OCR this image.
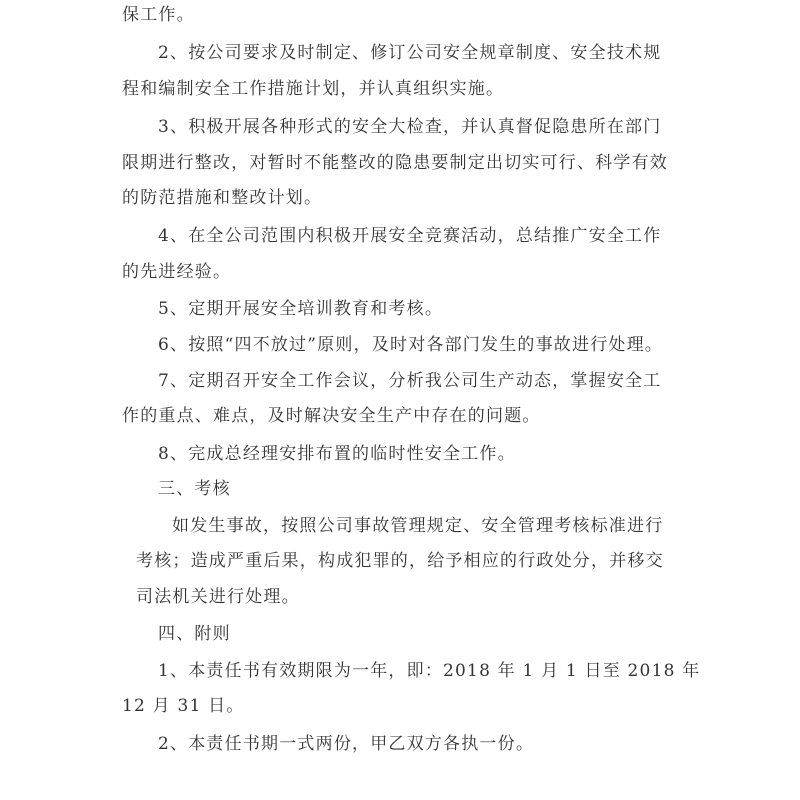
保工作。
2、按公司要求及时制定、修订公司安全规章制度、安全技术规
程和编制安全工作措施计划，并认真组织实施。
3、积极开展各种形式的安全大检查，并认真督促隐患所在部门
限期进行整改，对暂时不能整改的隐患要制定出切实可行、科学有效
的防范措施和整改计划。
4、在全公司范围内积极开展安全竞赛活动，总结推广安全工作
的先进经验。
5、定期开展安全培训教育和考核。
6、按照“四不放过”原则，及时对各部门发生的事故进行处理。
7、定期召开安全工作会议，分析我公司生产动态，掌握安全工
作的重点、难点，及时解决安全生产中存在的问题。
8、完成总经理安排布置的临时性安全工作。
三、考核
如发生事故，按照公司事故管理规定、安全管理考核标准进行
考核；造成严重后果，构成犯罪的，给予相应的行政处分，并移交
司法机关进行处理。
四、附则
1、本责任书有效期限为一年，即：2018 年 1 月 1 日至 2018 年
12 月 31 日。
2、本责任书期一式两份，甲乙双方各执一份。
